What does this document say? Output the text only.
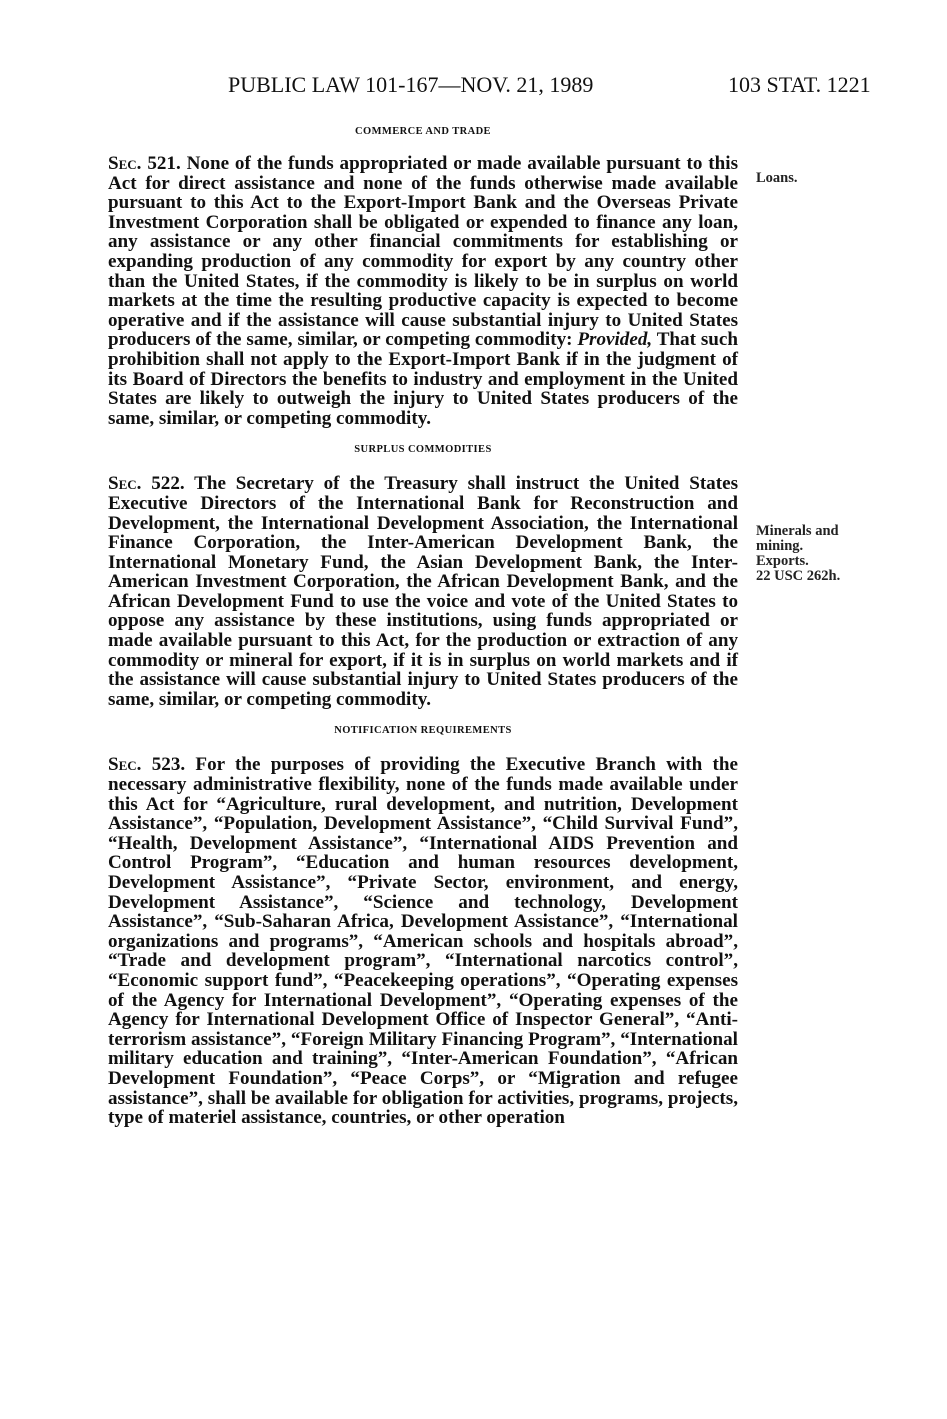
PUBLIC LAW 101-167—NOV. 21, 1989	103 STAT. 1221

COMMERCE AND TRADE

Sec. 521. None of the funds appropriated or made available pursuant to this Act for direct assistance and none of the funds otherwise made available pursuant to this Act to the Export-Import Bank and the Overseas Private Investment Corporation shall be obligated or expended to finance any loan, any assistance or any other financial commitments for establishing or expanding production of any commodity for export by any country other than the United States, if the commodity is likely to be in surplus on world markets at the time the resulting productive capacity is expected to become operative and if the assistance will cause substantial injury to United States producers of the same, similar, or competing commodity: Provided, That such prohibition shall not apply to the Export-Import Bank if in the judgment of its Board of Directors the benefits to industry and employment in the United States are likely to outweigh the injury to United States producers of the same, similar, or competing commodity.

SURPLUS COMMODITIES

Sec. 522. The Secretary of the Treasury shall instruct the United States Executive Directors of the International Bank for Reconstruction and Development, the International Development Association, the International Finance Corporation, the Inter-American Development Bank, the International Monetary Fund, the Asian Development Bank, the Inter-American Investment Corporation, the African Development Bank, and the African Development Fund to use the voice and vote of the United States to oppose any assistance by these institutions, using funds appropriated or made available pursuant to this Act, for the production or extraction of any commodity or mineral for export, if it is in surplus on world markets and if the assistance will cause substantial injury to United States producers of the same, similar, or competing commodity.

NOTIFICATION REQUIREMENTS

Sec. 523. For the purposes of providing the Executive Branch with the necessary administrative flexibility, none of the funds made available under this Act for “Agriculture, rural development, and nutrition, Development Assistance”, “Population, Development Assistance”, “Child Survival Fund”, “Health, Development Assistance”, “International AIDS Prevention and Control Program”, “Education and human resources development, Development Assistance”, “Private Sector, environment, and energy, Development Assistance”, “Science and technology, Development Assistance”, “Sub-Saharan Africa, Development Assistance”, “International organizations and programs”, “American schools and hospitals abroad”, “Trade and development program”, “International narcotics control”, “Economic support fund”, “Peacekeeping operations”, “Operating expenses of the Agency for International Development”, “Operating expenses of the Agency for International Development Office of Inspector General”, “Anti-terrorism assistance”, “Foreign Military Financing Program”, “International military education and training”, “Inter-American Foundation”, “African Development Foundation”, “Peace Corps”, or “Migration and refugee assistance”, shall be available for obligation for activities, programs, projects, type of materiel assistance, countries, or other operation

Loans.
Minerals and
mining.
Exports.
22 USC 262h.
